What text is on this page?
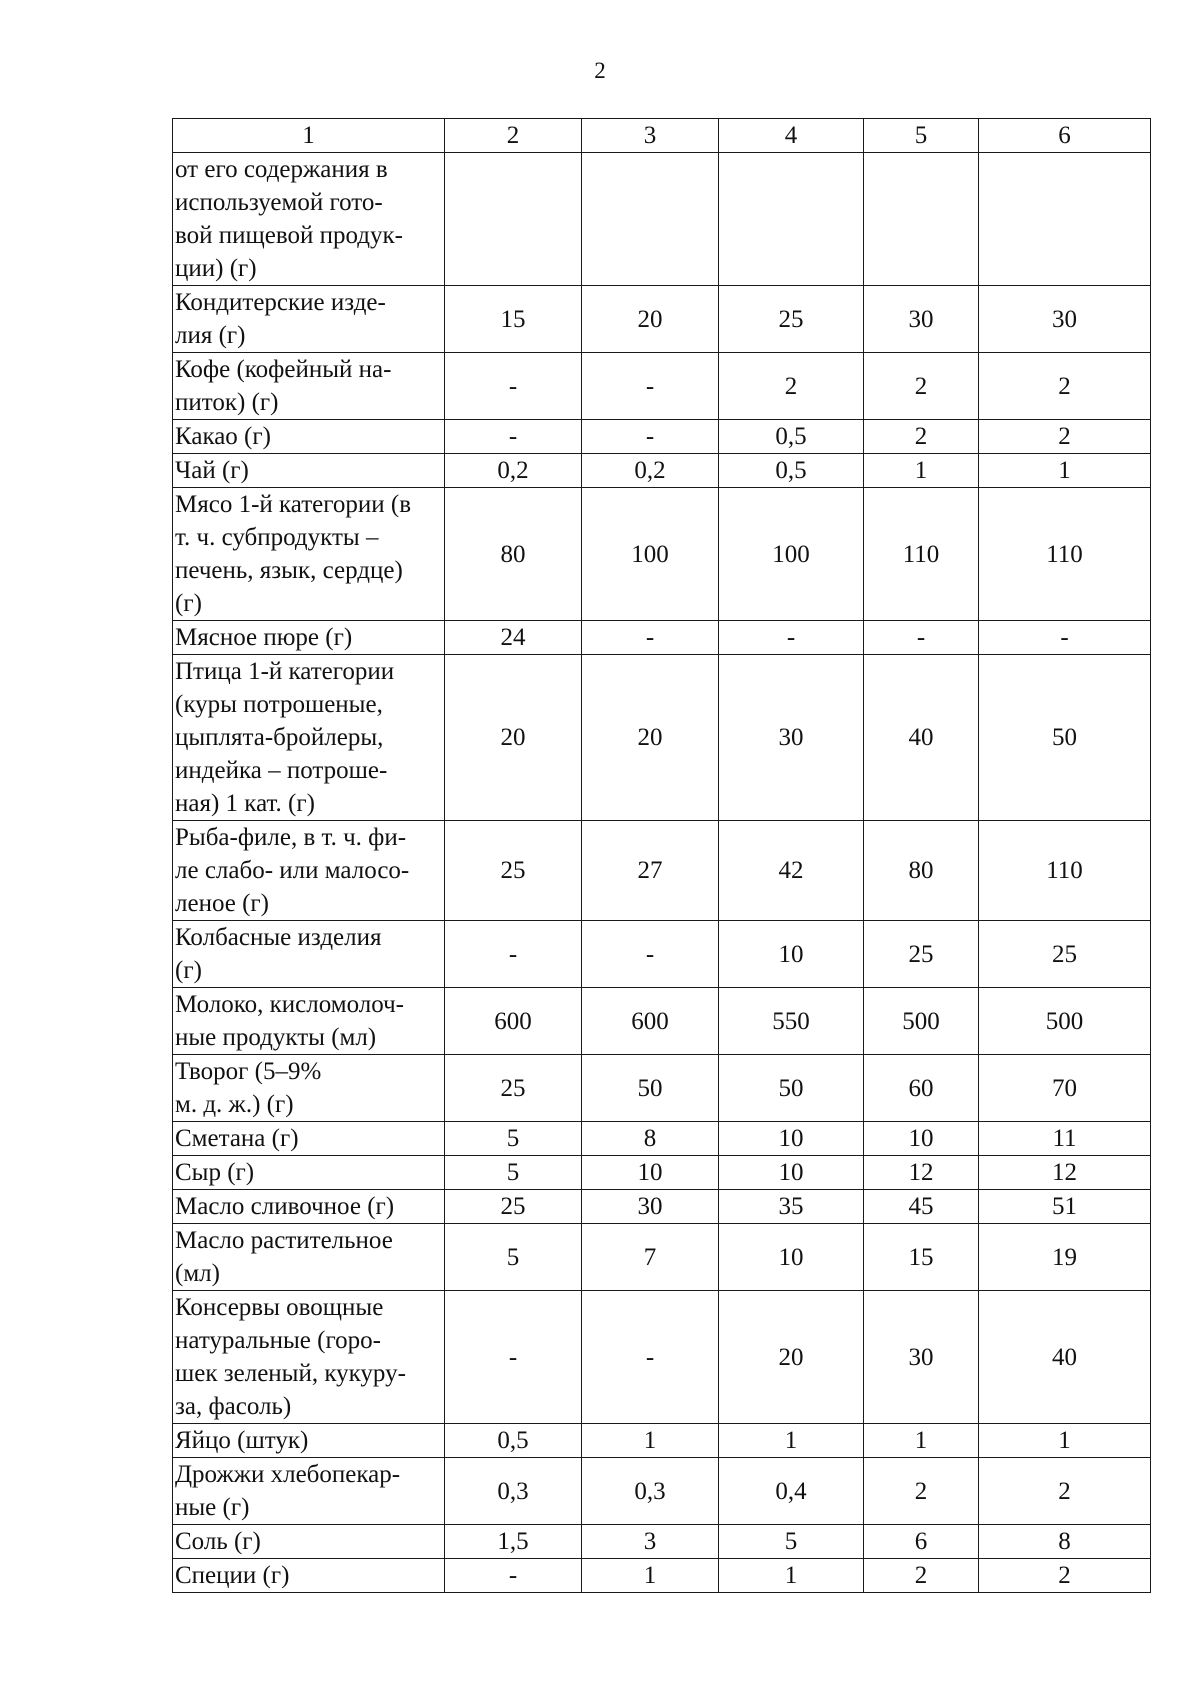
2
1	2	3	4	5	6
от его содержания в
используемой гото-
вой пищевой продук-
ции) (г)					
Кондитерские изде-
лия (г)	15	20	25	30	30
Кофе (кофейный на-
питок) (г)	-	-	2	2	2
Какао (г)	-	-	0,5	2	2
Чай (г)	0,2	0,2	0,5	1	1
Мясо 1-й категории (в
т. ч. субпродукты –
печень, язык, сердце)
(г)	80	100	100	110	110
Мясное пюре (г)	24	-	-	-	-
Птица 1-й категории
(куры потрошеные,
цыплята-бройлеры,
индейка – потроше-
ная) 1 кат. (г)	20	20	30	40	50
Рыба-филе, в т. ч. фи-
ле слабо- или малосо-
леное (г)	25	27	42	80	110
Колбасные изделия
(г)	-	-	10	25	25
Молоко, кисломолоч-
ные продукты (мл)	600	600	550	500	500
Творог (5–9%
м. д. ж.) (г)	25	50	50	60	70
Сметана (г)	5	8	10	10	11
Сыр (г)	5	10	10	12	12
Масло сливочное (г)	25	30	35	45	51
Масло растительное
(мл)	5	7	10	15	19
Консервы овощные
натуральные (горо-
шек зеленый, кукуру-
за, фасоль)	-	-	20	30	40
Яйцо (штук)	0,5	1	1	1	1
Дрожжи хлебопекар-
ные (г)	0,3	0,3	0,4	2	2
Соль (г)	1,5	3	5	6	8
Специи (г)	-	1	1	2	2
